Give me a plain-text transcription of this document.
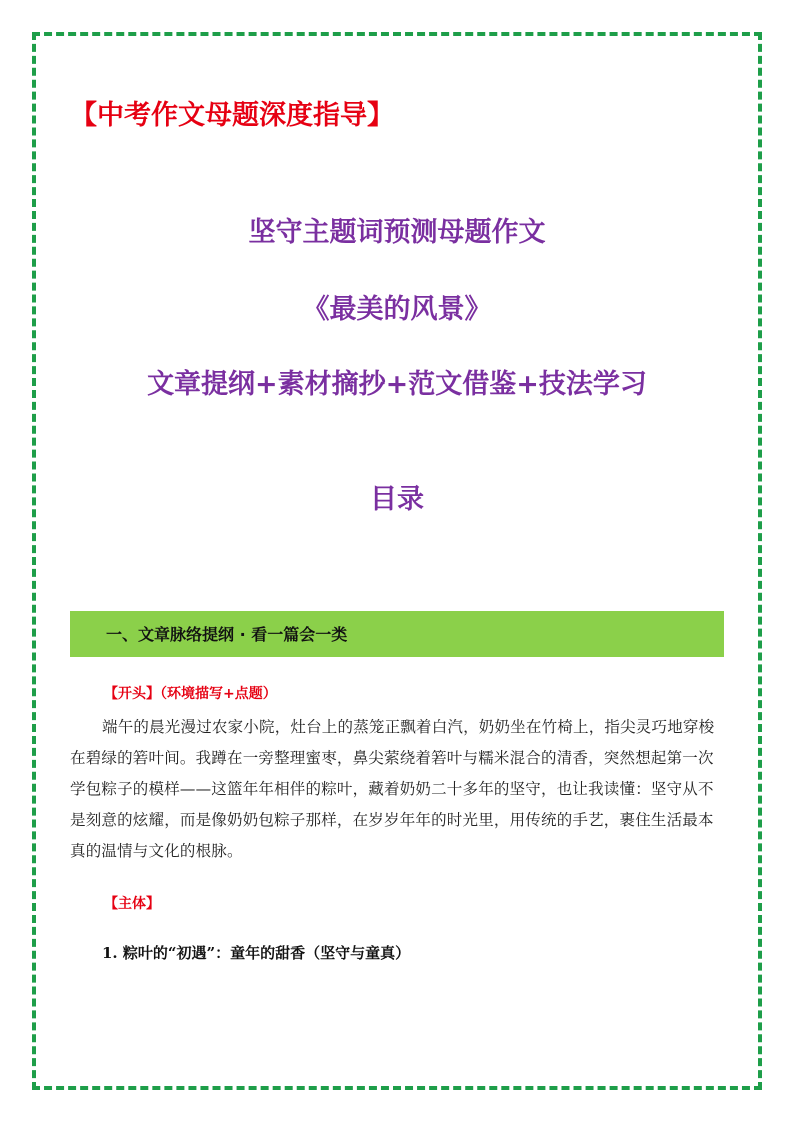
【中考作文母题深度指导】
坚守主题词预测母题作文
《最美的风景》
文章提纲+素材摘抄+范文借鉴+技法学习
目录
一、文章脉络提纲 · 看一篇会一类
【开头】（环境描写+点题）
端午的晨光漫过农家小院，灶台上的蒸笼正飘着白汽，奶奶坐在竹椅上，指尖灵巧地穿梭在碧绿的箬叶间。我蹲在一旁整理蜜枣，鼻尖萦绕着箬叶与糯米混合的清香，突然想起第一次学包粽子的模样——这篮年年相伴的粽叶，藏着奶奶二十多年的坚守，也让我读懂：坚守从不是刻意的炫耀，而是像奶奶包粽子那样，在岁岁年年的时光里，用传统的手艺，裹住生活最本真的温情与文化的根脉。
【主体】
1. 粽叶的“初遇”：童年的甜香（坚守与童真）
